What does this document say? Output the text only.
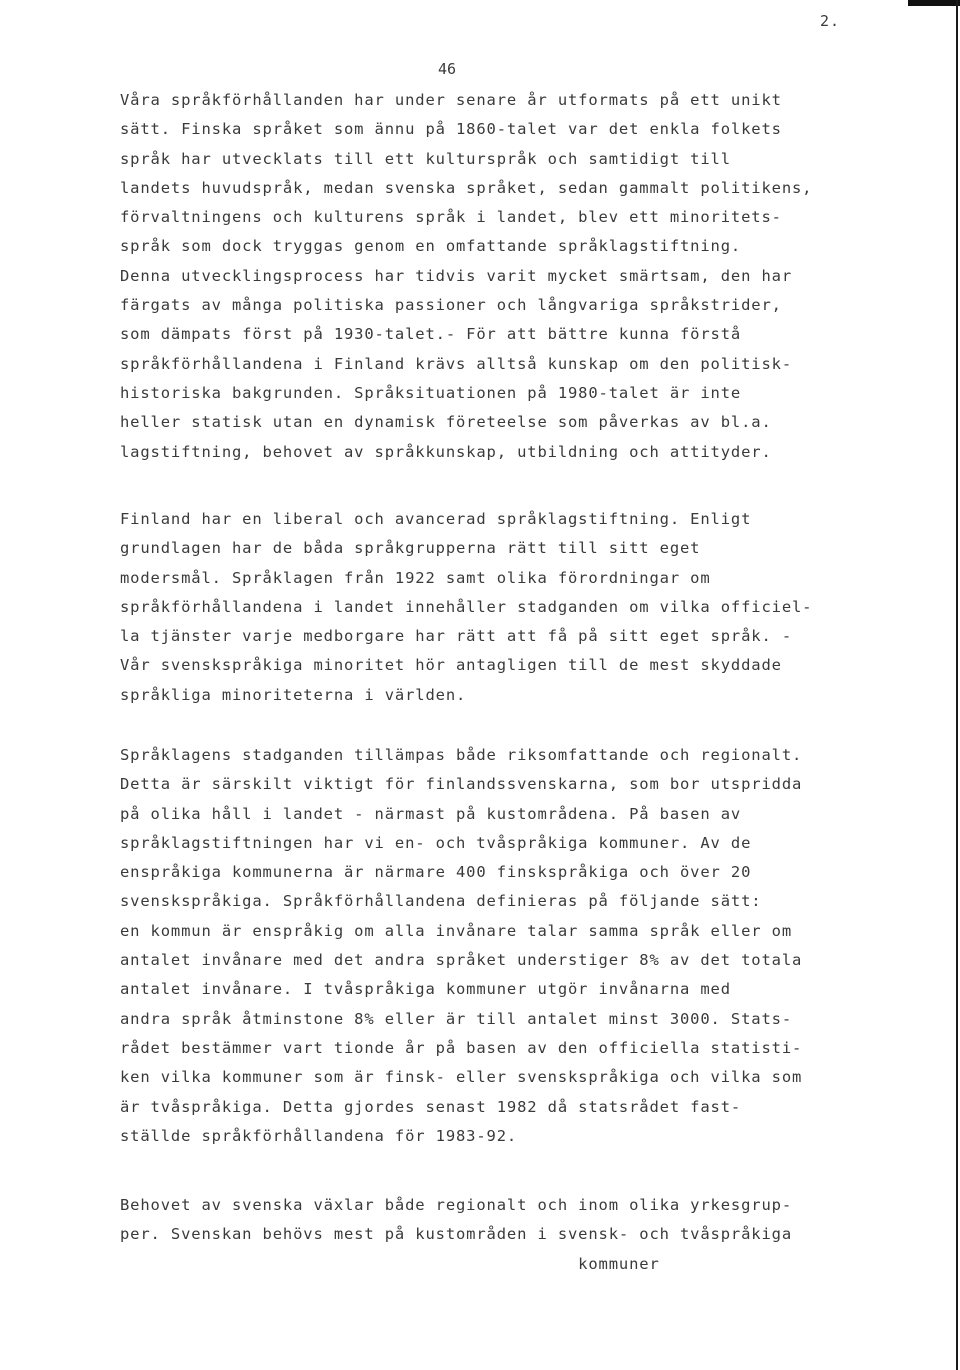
2.
46
Våra språkförhållanden har under senare år utformats på ett unikt
sätt. Finska språket som ännu på 1860-talet var det enkla folkets
språk har utvecklats till ett kulturspråk och samtidigt till
landets huvudspråk, medan svenska språket, sedan gammalt politikens,
förvaltningens och kulturens språk i landet, blev ett minoritets-
språk som dock tryggas genom en omfattande språklagstiftning.
Denna utvecklingsprocess har tidvis varit mycket smärtsam, den har
färgats av många politiska passioner och långvariga språkstrider,
som dämpats först på 1930-talet.- För att bättre kunna förstå
språkförhållandena i Finland krävs alltså kunskap om den politisk-
historiska bakgrunden. Språksituationen på 1980-talet är inte
heller statisk utan en dynamisk företeelse som påverkas av bl.a.
lagstiftning, behovet av språkkunskap, utbildning och attityder.
Finland har en liberal och avancerad språklagstiftning. Enligt
grundlagen har de båda språkgrupperna rätt till sitt eget
modersmål. Språklagen från 1922 samt olika förordningar om
språkförhållandena i landet innehåller stadganden om vilka officiel-
la tjänster varje medborgare har rätt att få på sitt eget språk. -
Vår svenskspråkiga minoritet hör antagligen till de mest skyddade
språkliga minoriteterna i världen.
Språklagens stadganden tillämpas både riksomfattande och regionalt.
Detta är särskilt viktigt för finlandssvenskarna, som bor utspridda
på olika håll i landet - närmast på kustområdena. På basen av
språklagstiftningen har vi en- och tvåspråkiga kommuner. Av de
enspråkiga kommunerna är närmare 400 finskspråkiga och över 20
svenskspråkiga. Språkförhållandena definieras på följande sätt:
en kommun är enspråkig om alla invånare talar samma språk eller om
antalet invånare med det andra språket understiger 8% av det totala
antalet invånare. I tvåspråkiga kommuner utgör invånarna med
andra språk åtminstone 8% eller är till antalet minst 3000. Stats-
rådet bestämmer vart tionde år på basen av den officiella statisti-
ken vilka kommuner som är finsk- eller svenskspråkiga och vilka som
är tvåspråkiga. Detta gjordes senast 1982 då statsrådet fast-
ställde språkförhållandena för 1983-92.
Behovet av svenska växlar både regionalt och inom olika yrkesgrup-
per. Svenskan behövs mest på kustområden i svensk- och tvåspråkiga
kommuner
